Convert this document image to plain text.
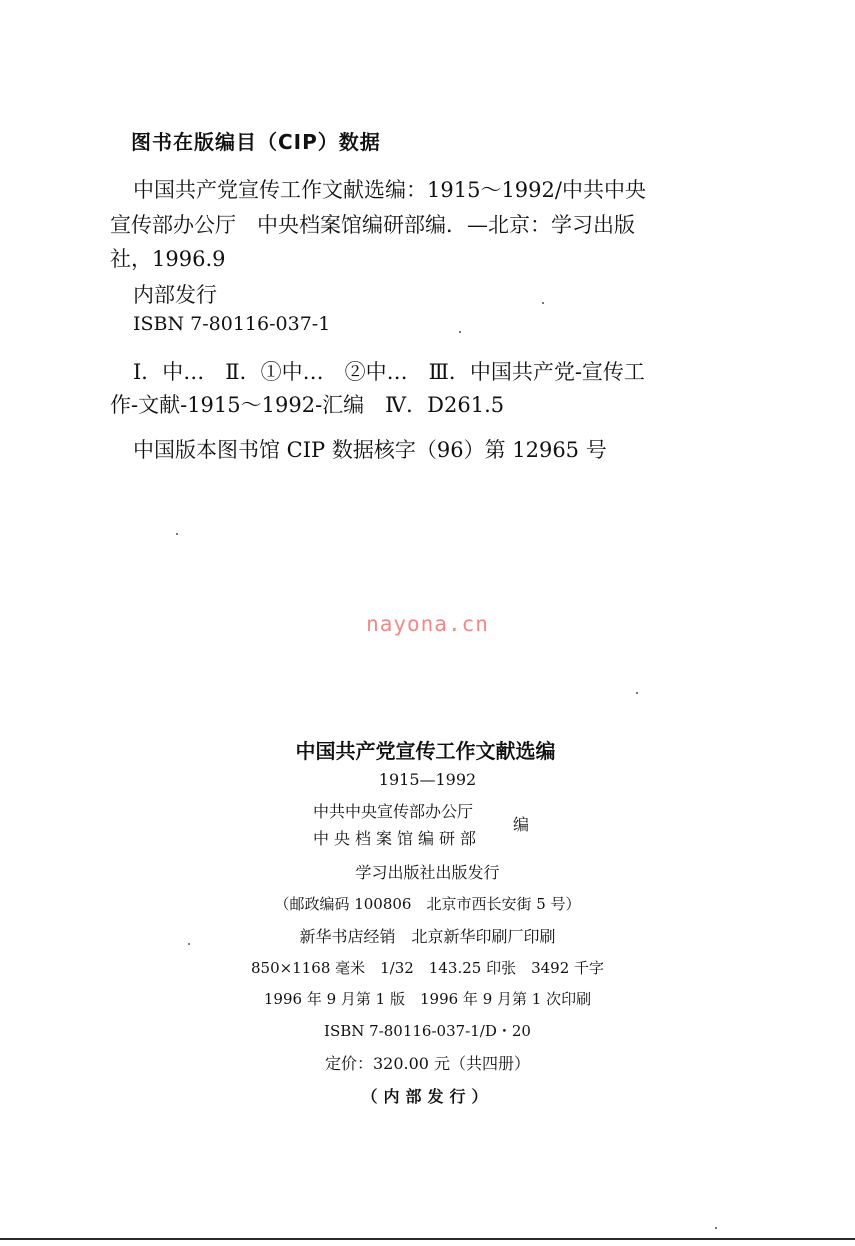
图书在版编目（CIP）数据
中国共产党宣传工作文献选编：1915～1992/中共中央
宣传部办公厅　中央档案馆编研部编．—北京：学习出版
社，1996.9
内部发行
ISBN 7-80116-037-1
Ⅰ．中…　Ⅱ．①中…　②中…　Ⅲ．中国共产党-宣传工
作-文献-1915～1992-汇编　Ⅳ．D261.5
中国版本图书馆 CIP 数据核字（96）第 12965 号
nayona.cn
中国共产党宣传工作文献选编
1915—1992
中共中央宣传部办公厅
中央档案馆编研部
编
学习出版社出版发行
（邮政编码 100806　北京市西长安街 5 号）
新华书店经销　北京新华印刷厂印刷
850×1168 毫米　1/32　143.25 印张　3492 千字
1996 年 9 月第 1 版　1996 年 9 月第 1 次印刷
ISBN 7-80116-037-1/D・20
定价：320.00 元（共四册）
（内部发行）
